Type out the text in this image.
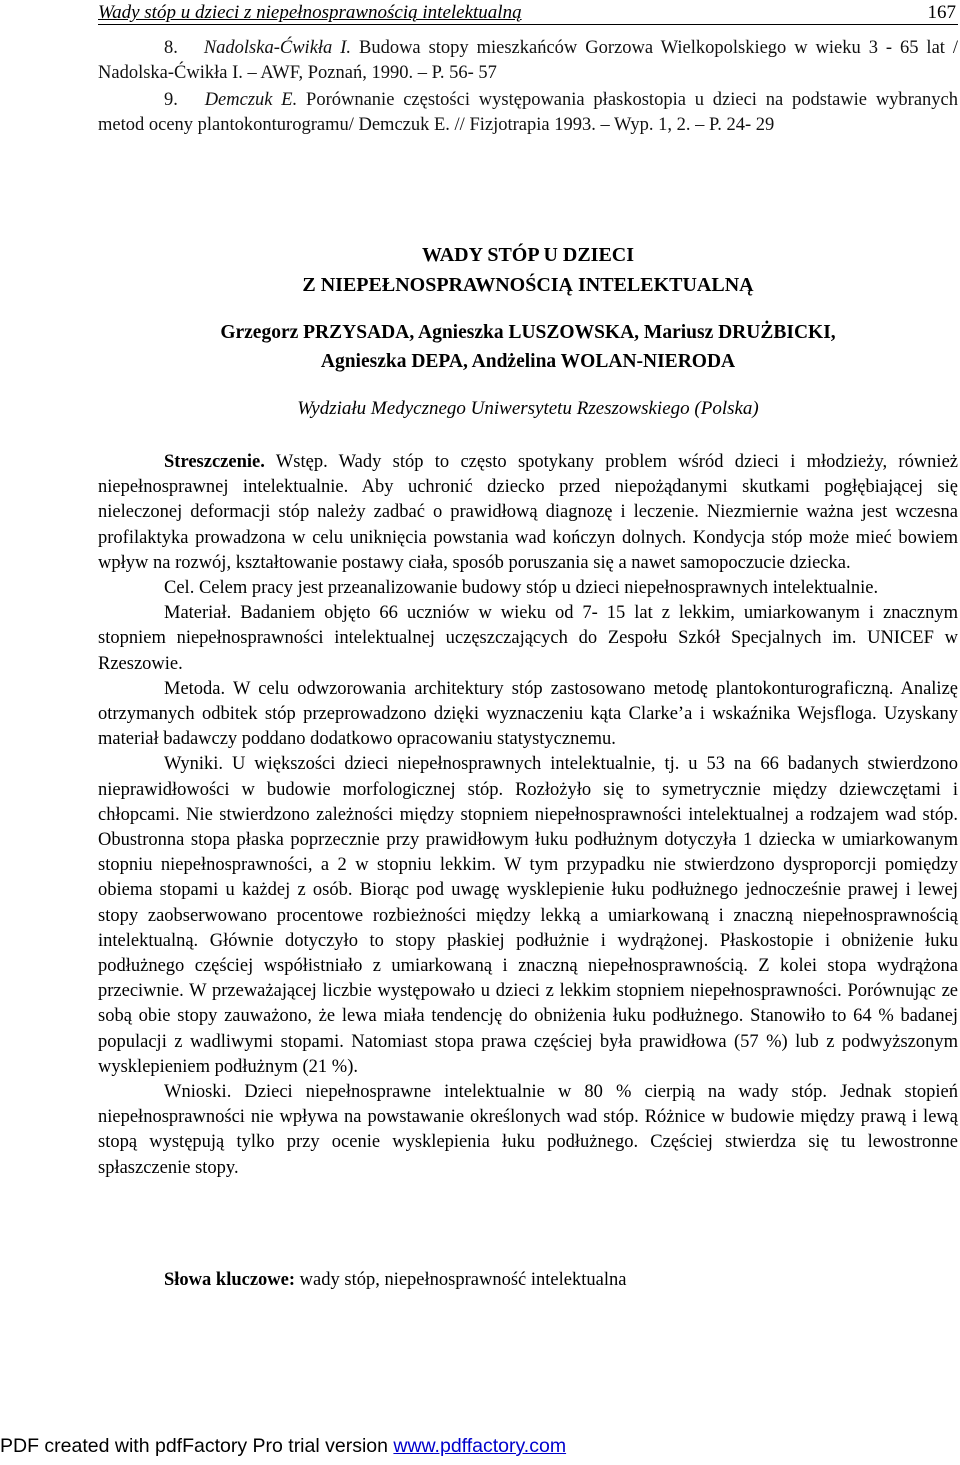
Wady stóp u dzieci z niepełnosprawnością intelektualną	167
8. Nadolska-Ćwikła I. Budowa stopy mieszkańców Gorzowa Wielkopolskiego w wieku 3 - 65 lat / Nadolska-Ćwikła I. – AWF, Poznań, 1990. – P. 56- 57
9. Demczuk E. Porównanie częstości występowania płaskostopia u dzieci na podstawie wybranych metod oceny plantokonturogramu/ Demczuk E. // Fizjotrapia 1993. – Wyp. 1, 2. – P. 24- 29
WADY STÓP U DZIECI
Z NIEPEŁNOSPRAWNOŚCIĄ INTELEKTUALNĄ
Grzegorz PRZYSADA, Agnieszka LUSZOWSKA, Mariusz DRUŻBICKI,
Agnieszka DEPA, Andżelina WOLAN-NIERODA
Wydziału Medycznego Uniwersytetu Rzeszowskiego (Polska)

Streszczenie. Wstęp. Wady stóp to często spotykany problem wśród dzieci i młodzieży, również niepełnosprawnej intelektualnie. Aby uchronić dziecko przed niepożądanymi skutkami pogłębiającej się nieleczonej deformacji stóp należy zadbać o prawidłową diagnozę i leczenie. Niezmiernie ważna jest wczesna profilaktyka prowadzona w celu uniknięcia powstania wad kończyn dolnych. Kondycja stóp może mieć bowiem wpływ na rozwój, kształtowanie postawy ciała, sposób poruszania się a nawet samopoczucie dziecka.

Cel. Celem pracy jest przeanalizowanie budowy stóp u dzieci niepełnosprawnych intelektualnie.

Materiał. Badaniem objęto 66 uczniów w wieku od 7- 15 lat z lekkim, umiarkowanym i znacznym stopniem niepełnosprawności intelektualnej uczęszczających do Zespołu Szkół Specjalnych im. UNICEF w Rzeszowie.

Metoda. W celu odwzorowania architektury stóp zastosowano metodę plantokonturograficzną. Analizę otrzymanych odbitek stóp przeprowadzono dzięki wyznaczeniu kąta Clarke’a i wskaźnika Wejsfloga. Uzyskany materiał badawczy poddano dodatkowo opracowaniu statystycznemu.

Wyniki. U większości dzieci niepełnosprawnych intelektualnie, tj. u 53 na 66 badanych stwierdzono nieprawidłowości w budowie morfologicznej stóp. Rozłożyło się to symetrycznie między dziewczętami i chłopcami. Nie stwierdzono zależności między stopniem niepełnosprawności intelektualnej a rodzajem wad stóp. Obustronna stopa płaska poprzecznie przy prawidłowym łuku podłużnym dotyczyła 1 dziecka w umiarkowanym stopniu niepełnosprawności, a 2 w stopniu lekkim. W tym przypadku nie stwierdzono dysproporcji pomiędzy obiema stopami u każdej z osób. Biorąc pod uwagę wysklepienie łuku podłużnego jednocześnie prawej i lewej stopy zaobserwowano procentowe rozbieżności między lekką a umiarkowaną i znaczną niepełnosprawnością intelektualną. Głównie dotyczyło to stopy płaskiej podłużnie i wydrążonej. Płaskostopie i obniżenie łuku podłużnego częściej współistniało z umiarkowaną i znaczną niepełnosprawnością. Z kolei stopa wydrążona przeciwnie. W przeważającej liczbie występowało u dzieci z lekkim stopniem niepełnosprawności. Porównując ze sobą obie stopy zauważono, że lewa miała tendencję do obniżenia łuku podłużnego. Stanowiło to 64 % badanej populacji z wadliwymi stopami. Natomiast stopa prawa częściej była prawidłowa (57 %) lub z podwyższonym wysklepieniem podłużnym (21 %).

Wnioski. Dzieci niepełnosprawne intelektualnie w 80 % cierpią na wady stóp. Jednak stopień niepełnosprawności nie wpływa na powstawanie określonych wad stóp. Różnice w budowie między prawą i lewą stopą występują tylko przy ocenie wysklepienia łuku podłużnego. Częściej stwierdza się tu lewostronne spłaszczenie stopy.

Słowa kluczowe: wady stóp, niepełnosprawność intelektualna
PDF created with pdfFactory Pro trial version www.pdffactory.com
